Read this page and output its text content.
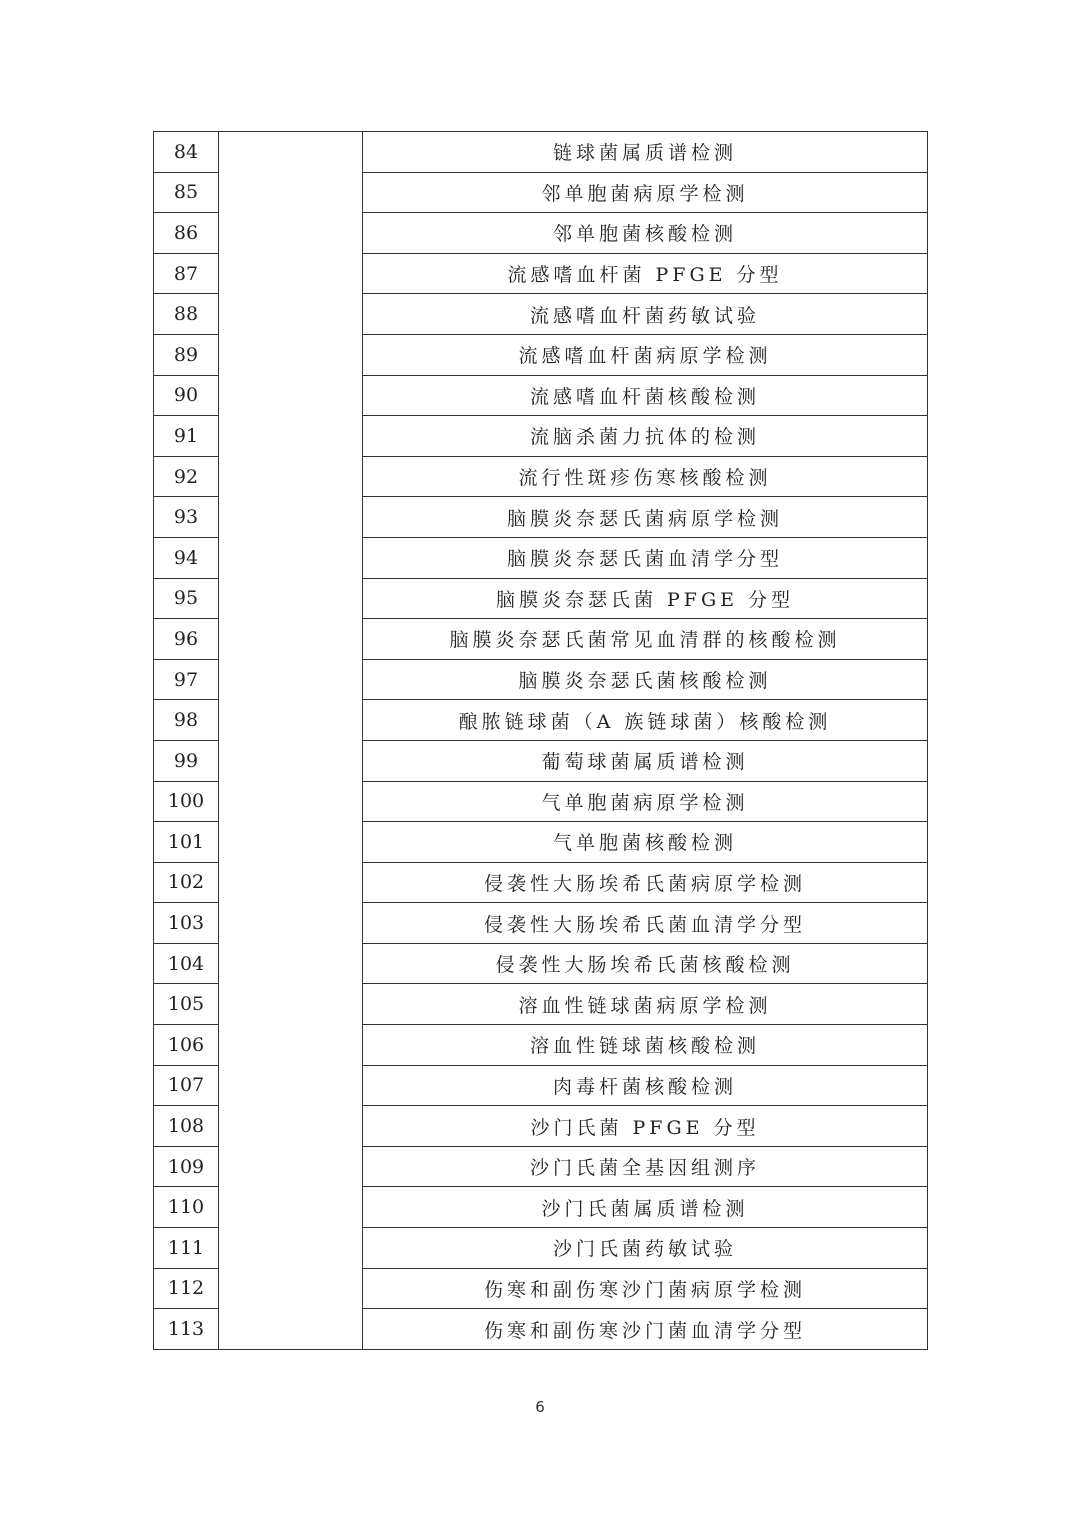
84		链球菌属质谱检测
85		邻单胞菌病原学检测
86		邻单胞菌核酸检测
87		流感嗜血杆菌 PFGE 分型
88		流感嗜血杆菌药敏试验
89		流感嗜血杆菌病原学检测
90		流感嗜血杆菌核酸检测
91		流脑杀菌力抗体的检测
92		流行性斑疹伤寒核酸检测
93		脑膜炎奈瑟氏菌病原学检测
94		脑膜炎奈瑟氏菌血清学分型
95		脑膜炎奈瑟氏菌 PFGE 分型
96		脑膜炎奈瑟氏菌常见血清群的核酸检测
97		脑膜炎奈瑟氏菌核酸检测
98		酿脓链球菌（A 族链球菌）核酸检测
99		葡萄球菌属质谱检测
100		气单胞菌病原学检测
101		气单胞菌核酸检测
102		侵袭性大肠埃希氏菌病原学检测
103		侵袭性大肠埃希氏菌血清学分型
104		侵袭性大肠埃希氏菌核酸检测
105		溶血性链球菌病原学检测
106		溶血性链球菌核酸检测
107		肉毒杆菌核酸检测
108		沙门氏菌 PFGE 分型
109		沙门氏菌全基因组测序
110		沙门氏菌属质谱检测
111		沙门氏菌药敏试验
112		伤寒和副伤寒沙门菌病原学检测
113		伤寒和副伤寒沙门菌血清学分型
6
